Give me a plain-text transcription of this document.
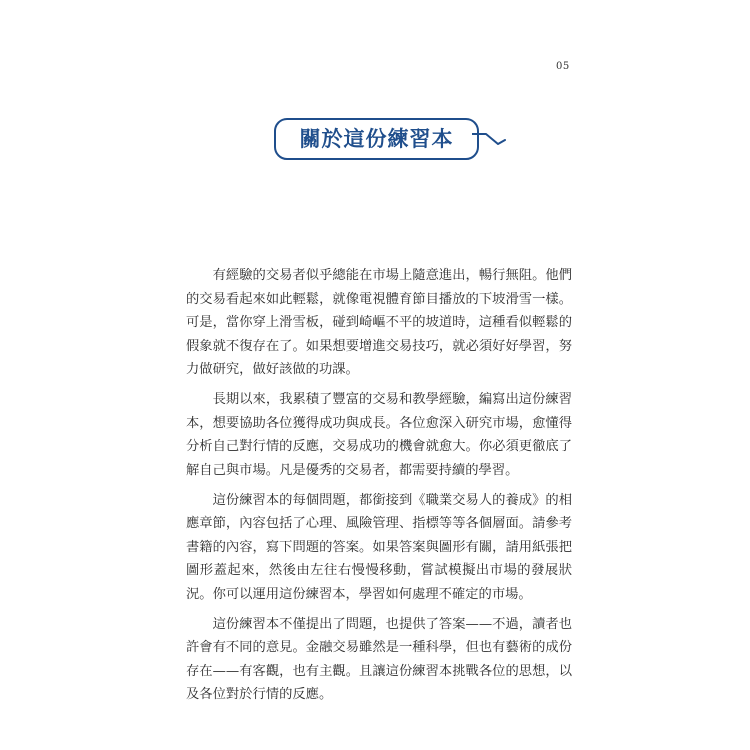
05
關於這份練習本

有經驗的交易者似乎總能在市場上隨意進出，暢行無阻。他們的交易看起來如此輕鬆，就像電視體育節目播放的下坡滑雪一樣。可是，當你穿上滑雪板，碰到崎嶇不平的坡道時，這種看似輕鬆的假象就不復存在了。如果想要增進交易技巧，就必須好好學習，努力做研究，做好該做的功課。

長期以來，我累積了豐富的交易和教學經驗，編寫出這份練習本，想要協助各位獲得成功與成長。各位愈深入研究市場，愈懂得分析自己對行情的反應，交易成功的機會就愈大。你必須更徹底了解自己與市場。凡是優秀的交易者，都需要持續的學習。

這份練習本的每個問題，都銜接到《職業交易人的養成》的相應章節，內容包括了心理、風險管理、指標等等各個層面。請參考書籍的內容，寫下問題的答案。如果答案與圖形有關，請用紙張把圖形蓋起來，然後由左往右慢慢移動，嘗試模擬出市場的發展狀況。你可以運用這份練習本，學習如何處理不確定的市場。

這份練習本不僅提出了問題，也提供了答案——不過，讀者也許會有不同的意見。金融交易雖然是一種科學，但也有藝術的成份存在——有客觀，也有主觀。且讓這份練習本挑戰各位的思想，以及各位對於行情的反應。
